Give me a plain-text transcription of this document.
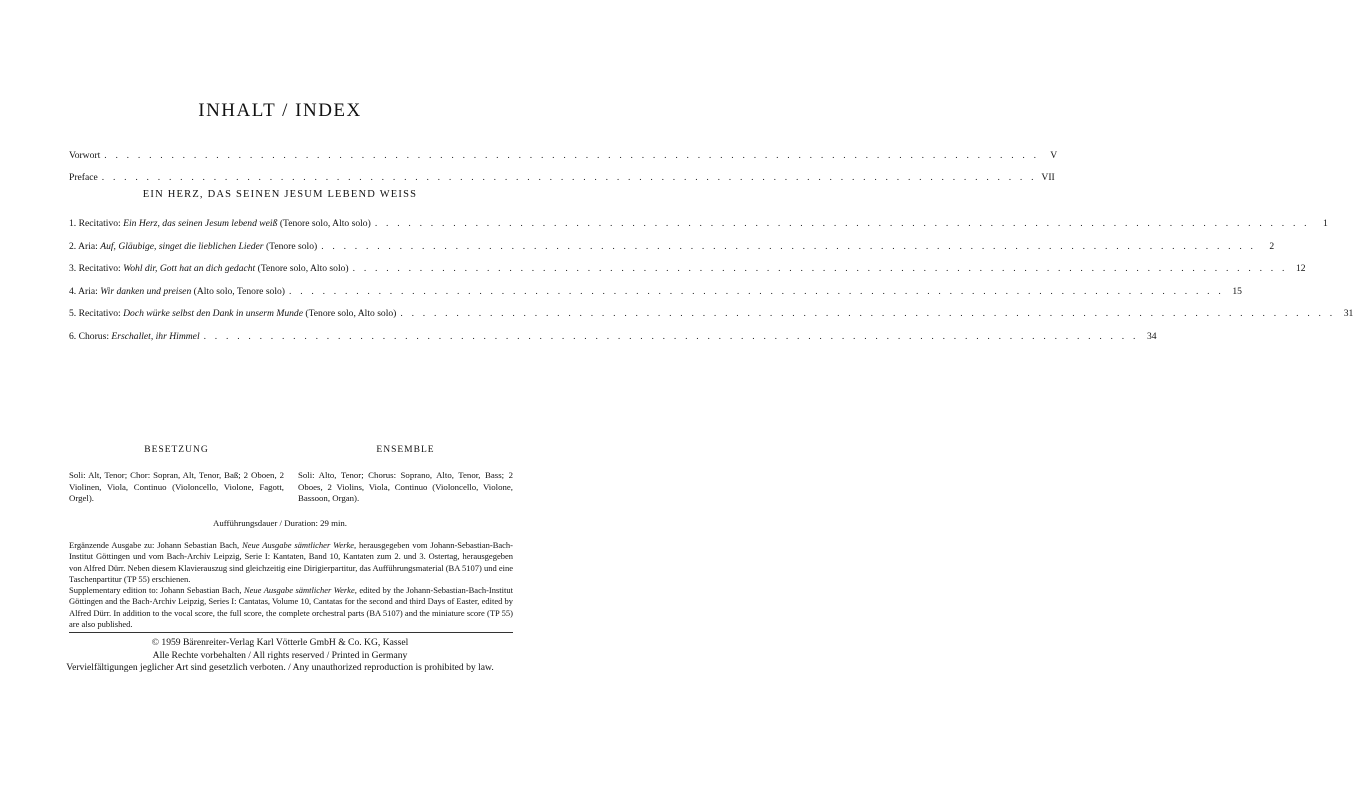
INHALT / INDEX
Vorwort . . . . . . . . . . . . . . . . . . . . . . . . . . . . . . . . . . . . . . . . . . . . . . . . . . . . . . . . . . . . . . . . . . . . . . . . . . . . . . . . . . . .	V
Preface . . . . . . . . . . . . . . . . . . . . . . . . . . . . . . . . . . . . . . . . . . . . . . . . . . . . . . . . . . . . . . . . . . . . . . . . . . . . . . . . . . . . VII
EIN HERZ, DAS SEINEN JESUM LEBEND WEISS
1. Recitativo: Ein Herz, das seinen Jesum lebend weiß (Tenore solo, Alto solo) . . . . . . . . . . . . . . . . . . . . . . . . . . . . . . . . . . . . . . . . . . . . . . . . . . . . . . . . . . . . . . . . . . . . . . . . . . . . . . . . . . . .	1
2. Aria: Auf, Gläubige, singet die lieblichen Lieder (Tenore solo) . . . . . . . . . . . . . . . . . . . . . . . . . . . . . . . . . . . . . . . . . . . . . . . . . . . . . . . . . . . . . . . . . . . . . . . . . . . . . . . . . . . .	2
3. Recitativo: Wohl dir, Gott hat an dich gedacht (Tenore solo, Alto solo) . . . . . . . . . . . . . . . . . . . . . . . . . . . . . . . . . . . . . . . . . . . . . . . . . . . . . . . . . . . . . . . . . . . . . . . . . . . . . . . . . . . . 12
4. Aria: Wir danken und preisen (Alto solo, Tenore solo) . . . . . . . . . . . . . . . . . . . . . . . . . . . . . . . . . . . . . . . . . . . . . . . . . . . . . . . . . . . . . . . . . . . . . . . . . . . . . . . . . . . . 15
5. Recitativo: Doch würke selbst den Dank in unserm Munde (Tenore solo, Alto solo) . . . . . . . . . . . . . . . . . . . . . . . . . . . . . . . . . . . . . . . . . . . . . . . . . . . . . . . . . . . . . . . . . . . . . . . . . . . . . . . . . . . . 31
6. Chorus: Erschallet, ihr Himmel . . . . . . . . . . . . . . . . . . . . . . . . . . . . . . . . . . . . . . . . . . . . . . . . . . . . . . . . . . . . . . . . . . . . . . . . . . . . . . . . . . . . 34
BESETZUNG	ENSEMBLE
Soli: Alt, Tenor; Chor: Sopran, Alt, Tenor, Baß; 2 Oboen, 2 Violinen, Viola, Continuo (Violoncello, Violone, Fagott, Orgel).
Soli: Alto, Tenor; Chorus: Soprano, Alto, Tenor, Bass; 2 Oboes, 2 Violins, Viola, Continuo (Violoncello, Violone, Bassoon, Organ).
Aufführungsdauer / Duration: 29 min.
Ergänzende Ausgabe zu: Johann Sebastian Bach, Neue Ausgabe sämtlicher Werke, herausgegeben vom Johann-Sebastian-Bach-Institut Göttingen und vom Bach-Archiv Leipzig, Serie I: Kantaten, Band 10, Kantaten zum 2. und 3. Ostertag, herausgegeben von Alfred Dürr. Neben diesem Klavierauszug sind gleichzeitig eine Dirigierpartitur, das Aufführungsmaterial (BA 5107) und eine Taschenpartitur (TP 55) erschienen.
Supplementary edition to: Johann Sebastian Bach, Neue Ausgabe sämtlicher Werke, edited by the Johann-Sebastian-Bach-Institut Göttingen and the Bach-Archiv Leipzig, Series I: Cantatas, Volume 10, Cantatas for the second and third Days of Easter, edited by Alfred Dürr. In addition to the vocal score, the full score, the complete orchestral parts (BA 5107) and the miniature score (TP 55) are also published.
© 1959 Bärenreiter-Verlag Karl Vötterle GmbH & Co. KG, Kassel
Alle Rechte vorbehalten / All rights reserved / Printed in Germany
Vervielfältigungen jeglicher Art sind gesetzlich verboten. / Any unauthorized reproduction is prohibited by law.
